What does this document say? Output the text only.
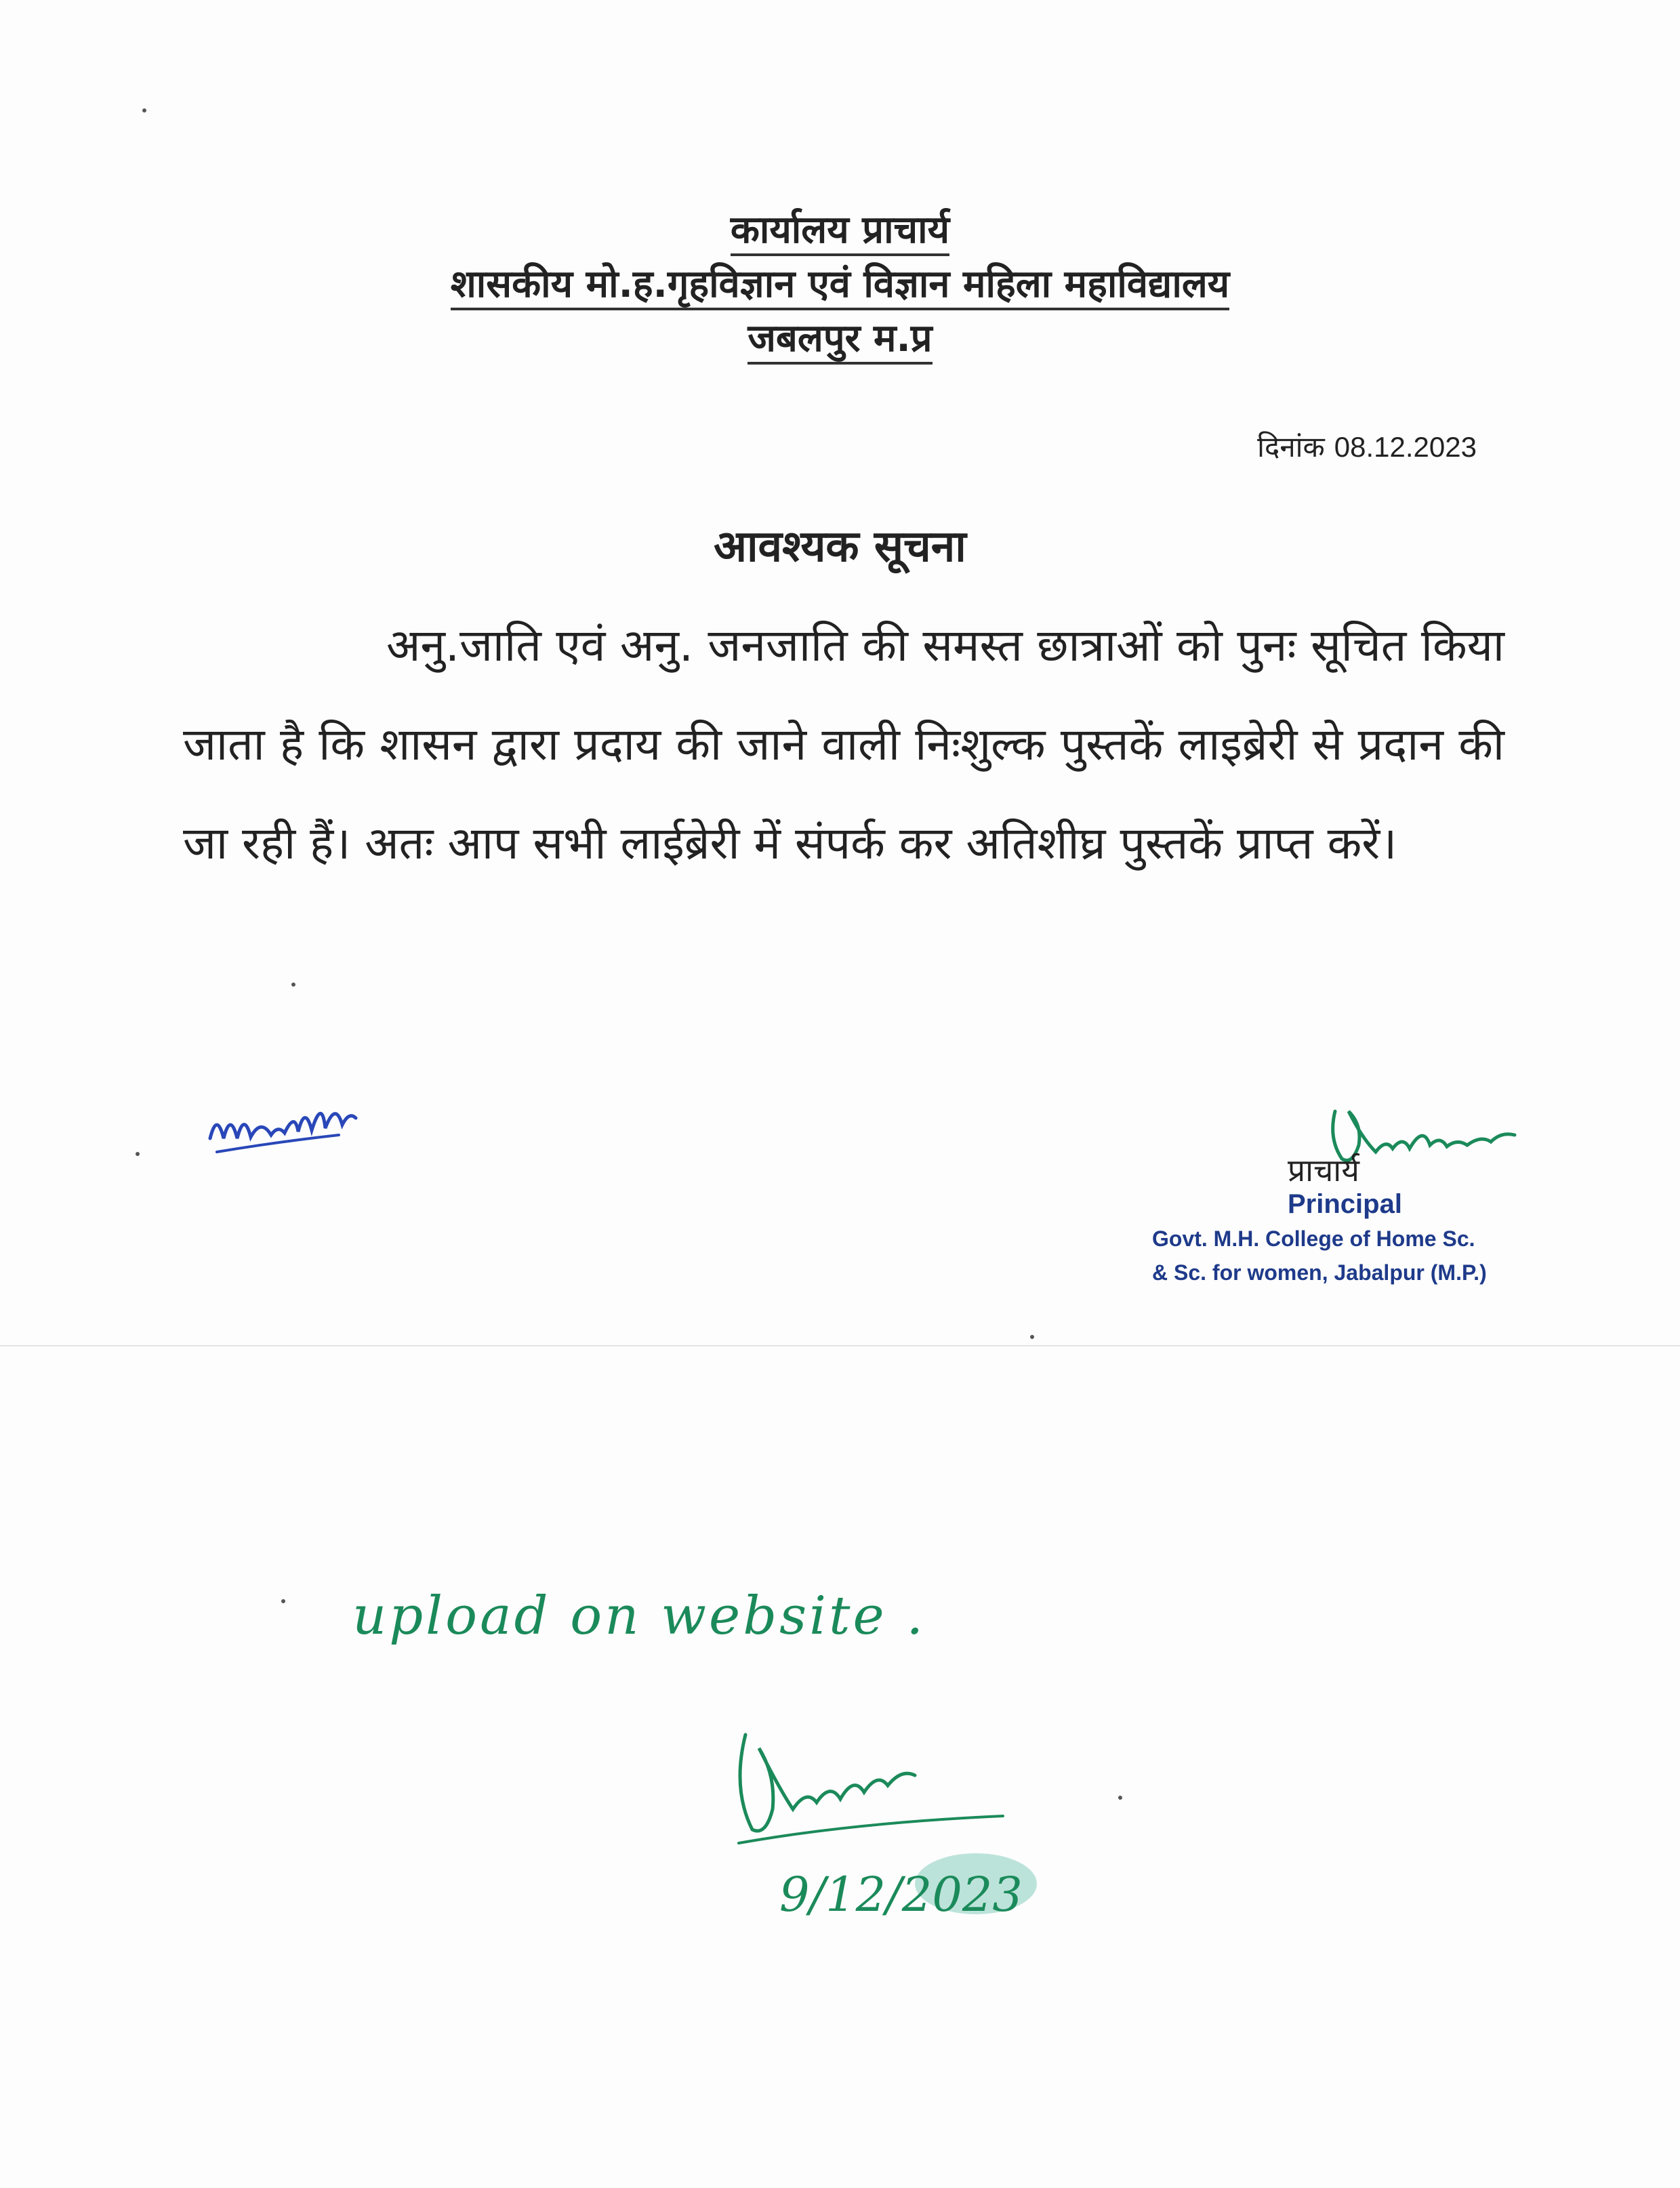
कार्यालय प्राचार्य
शासकीय मो.ह.गृहविज्ञान एवं विज्ञान महिला महाविद्यालय
जबलपुर म.प्र
दिनांक 08.12.2023
आवश्यक सूचना
अनु.जाति एवं अनु. जनजाति की समस्त छात्राओं को पुनः सूचित किया जाता है कि शासन द्वारा प्रदाय की जाने वाली निःशुल्क पुस्तकें लाइब्रेरी से प्रदान की जा रही हैं। अतः आप सभी लाईब्रेरी में संपर्क कर अतिशीघ्र पुस्तकें प्राप्त करें।
प्राचार्य
Principal
Govt. M.H. College of Home Sc.
& Sc. for women, Jabalpur (M.P.)
upload on website .
9/12/2023
